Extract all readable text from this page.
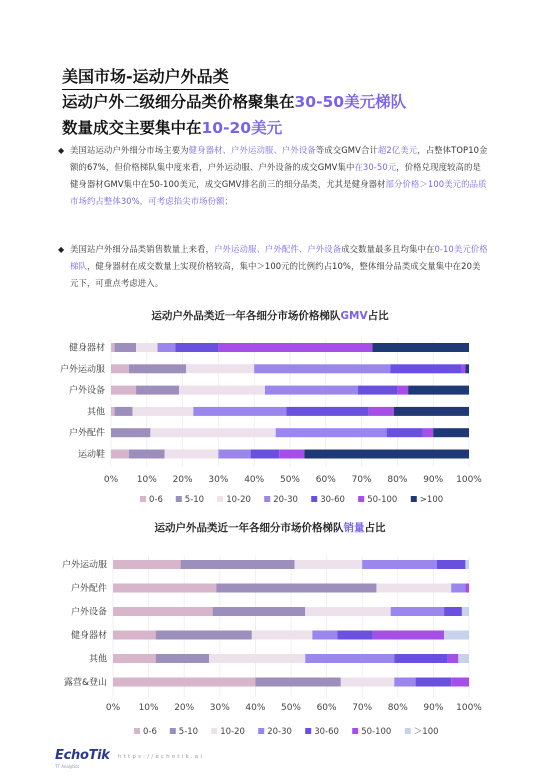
美国市场-运动户外品类
运动户外二级细分品类价格聚集在30-50美元梯队
数量成交主要集中在10-20美元
◆ 美国站运动户外细分市场主要为健身器材、户外运动服、户外设备等成交GMV合计超2亿美元，占整体TOP10金额的67%，但价格梯队集中度来看，户外运动服、户外设备的成交GMV集中在30-50元，价格兑现度较高的是健身器材GMV集中在50-100美元，成交GMV排名前三的细分品类，尤其是健身器材部分价格＞100美元的品质市场约占整体30%，可考虑掐尖市场份额；
◆ 美国站户外细分品类销售数量上来看，户外运动服、户外配件、户外设备成交数量最多且均集中在0-10美元价格梯队，健身器材在成交数量上实现价格较高，集中＞100元的比例约占10%，整体细分品类成交量集中在20美元下，可重点考虑进入。
运动户外品类近一年各细分市场价格梯队GMV占比
0% 10% 20% 30% 40% 50% 60% 70% 80% 90% 100%
健身器材
户外运动服
户外设备
其他
户外配件
运动鞋
0-6	5-10	10-20	20-30	30-60	50-100	>100
运动户外品类近一年各细分市场价格梯队销量占比
0% 10% 20% 30% 40% 50% 60% 70% 80% 90% 100%
户外运动服
户外配件
户外设备
健身器材
其他
露营&登山
0-6	5-10	10-20	20-30	30-60	50-100	＞100
EchoTik
TT Analytics
https://echotik.ai
